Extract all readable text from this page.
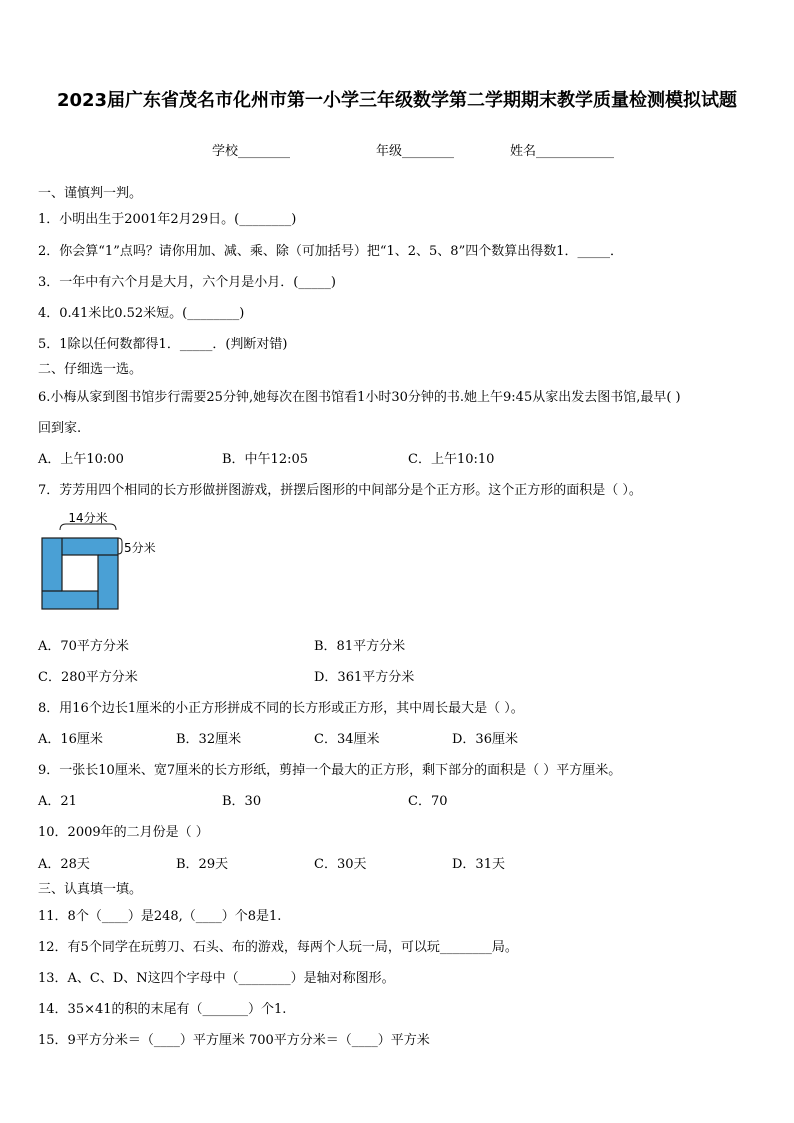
2023届广东省茂名市化州市第一小学三年级数学第二学期期末教学质量检测模拟试题
学校________	年级________	姓名____________
一、谨慎判一判。
1．小明出生于2001年2月29日。(________)
2．你会算“1”点吗？请你用加、减、乘、除（可加括号）把“1、2、5、8”四个数算出得数1．_____．
3．一年中有六个月是大月，六个月是小月．(_____)
4．0.41米比0.52米短。(________)
5．1除以任何数都得1．_____．(判断对错)
二、仔细选一选。
6.小梅从家到图书馆步行需要25分钟,她每次在图书馆看1小时30分钟的书.她上午9:45从家出发去图书馆,最早( )
回到家.
A．上午10:00	B．中午12:05	C．上午10:10
7．芳芳用四个相同的长方形做拼图游戏，拼摆后图形的中间部分是个正方形。这个正方形的面积是（ ）。
14分米
5分米
A．70平方分米	B．81平方分米
C．280平方分米	D．361平方分米
8．用16个边长1厘米的小正方形拼成不同的长方形或正方形，其中周长最大是（ ）。
A．16厘米	B．32厘米	C．34厘米	D．36厘米
9．一张长10厘米、宽7厘米的长方形纸，剪掉一个最大的正方形，剩下部分的面积是（ ）平方厘米。
A．21	B．30	C．70
10．2009年的二月份是（ ）
A．28天	B．29天	C．30天	D．31天
三、认真填一填。
11．8个（____）是248,（____）个8是1.
12．有5个同学在玩剪刀、石头、布的游戏，每两个人玩一局，可以玩________局。
13．A、C、D、N这四个字母中（________）是轴对称图形。
14．35×41的积的末尾有（_______）个1.
15．9平方分米＝（____）平方厘米 700平方分米＝（____）平方米
